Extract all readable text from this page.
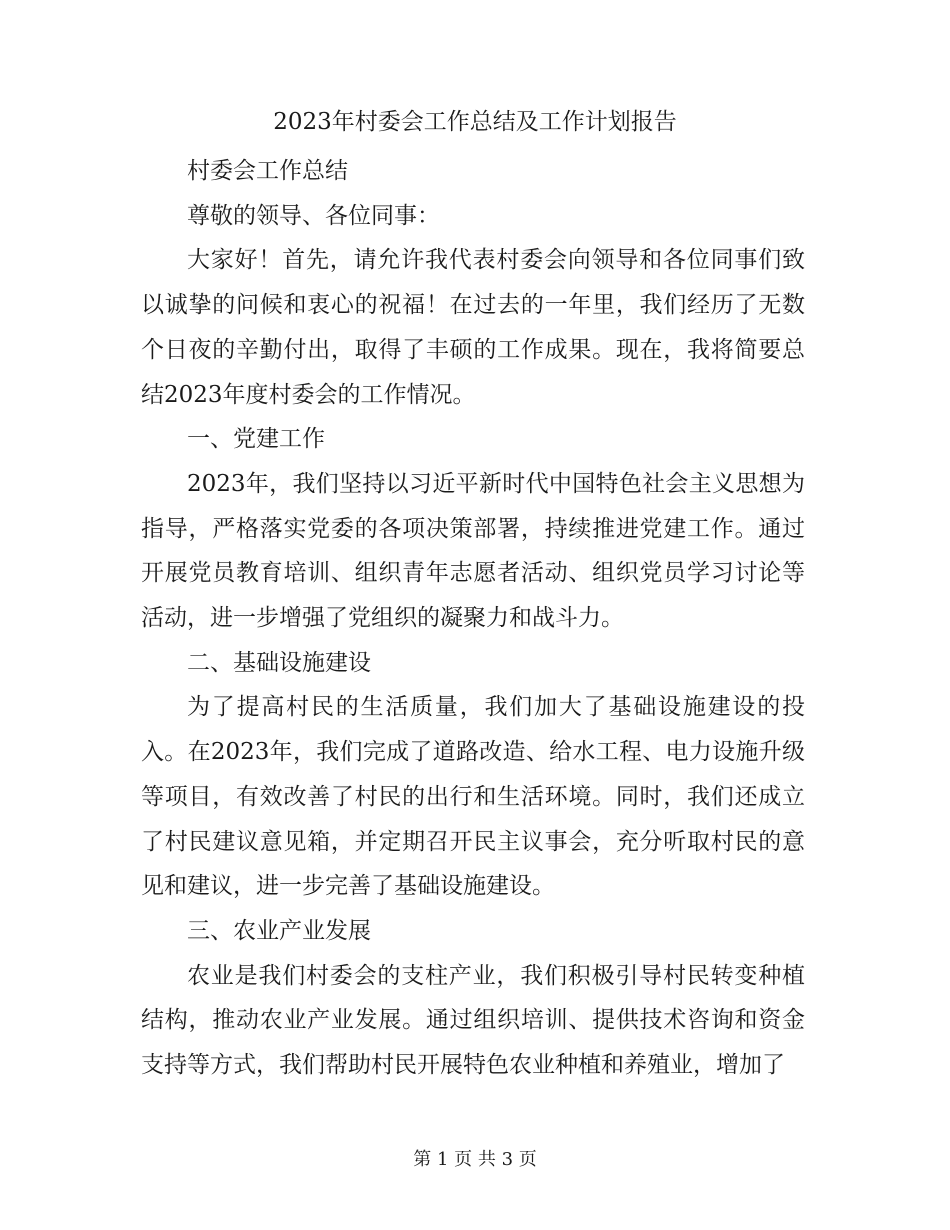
2023年村委会工作总结及工作计划报告

村委会工作总结

尊敬的领导、各位同事：

大家好！首先，请允许我代表村委会向领导和各位同事们致以诚挚的问候和衷心的祝福！在过去的一年里，我们经历了无数个日夜的辛勤付出，取得了丰硕的工作成果。现在，我将简要总结2023年度村委会的工作情况。

一、党建工作

2023年，我们坚持以习近平新时代中国特色社会主义思想为指导，严格落实党委的各项决策部署，持续推进党建工作。通过开展党员教育培训、组织青年志愿者活动、组织党员学习讨论等活动，进一步增强了党组织的凝聚力和战斗力。

二、基础设施建设

为了提高村民的生活质量，我们加大了基础设施建设的投入。在2023年，我们完成了道路改造、给水工程、电力设施升级等项目，有效改善了村民的出行和生活环境。同时，我们还成立了村民建议意见箱，并定期召开民主议事会，充分听取村民的意见和建议，进一步完善了基础设施建设。

三、农业产业发展

农业是我们村委会的支柱产业，我们积极引导村民转变种植结构，推动农业产业发展。通过组织培训、提供技术咨询和资金支持等方式，我们帮助村民开展特色农业种植和养殖业，增加了

第 1 页 共 3 页
